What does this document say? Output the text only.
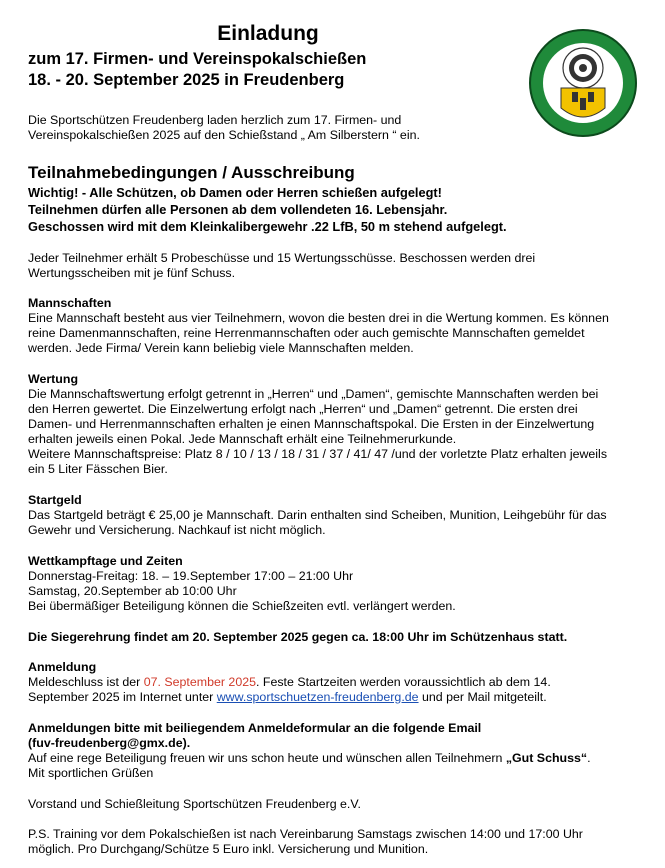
Einladung
zum 17. Firmen- und Vereinspokalschießen
18. - 20. September 2025 in Freudenberg
Die Sportschützen Freudenberg laden herzlich zum 17. Firmen- und
Vereinspokalschießen 2025 auf den Schießstand „ Am Silberstern “ ein.
Teilnahmebedingungen / Ausschreibung
Wichtig! - Alle Schützen, ob Damen oder Herren schießen aufgelegt!
Teilnehmen dürfen alle Personen ab dem vollendeten 16. Lebensjahr.
Geschossen wird mit dem Kleinkalibergewehr .22 LfB, 50 m stehend aufgelegt.
Jeder Teilnehmer erhält 5 Probeschüsse und 15 Wertungsschüsse. Beschossen werden drei
Wertungsscheiben mit je fünf Schuss.
Mannschaften
Eine Mannschaft besteht aus vier Teilnehmern, wovon die besten drei in die Wertung kommen. Es können
reine Damenmannschaften, reine Herrenmannschaften oder auch gemischte Mannschaften gemeldet
werden. Jede Firma/ Verein kann beliebig viele Mannschaften melden.
Wertung
Die Mannschaftswertung erfolgt getrennt in „Herren“ und „Damen“, gemischte Mannschaften werden bei
den Herren gewertet. Die Einzelwertung erfolgt nach „Herren“ und „Damen“ getrennt. Die ersten drei
Damen- und Herrenmannschaften erhalten je einen Mannschaftspokal. Die Ersten in der Einzelwertung
erhalten jeweils einen Pokal. Jede Mannschaft erhält eine Teilnehmerurkunde.
Weitere Mannschaftspreise: Platz 8 / 10 / 13 / 18 / 31 / 37 / 41/ 47 /und der vorletzte Platz erhalten jeweils
ein 5 Liter Fässchen Bier.
Startgeld
Das Startgeld beträgt € 25,00 je Mannschaft. Darin enthalten sind Scheiben, Munition, Leihgebühr für das
Gewehr und Versicherung. Nachkauf ist nicht möglich.
Wettkampftage und Zeiten
Donnerstag-Freitag: 18. – 19.September 17:00 – 21:00 Uhr
Samstag, 20.September ab 10:00 Uhr
Bei übermäßiger Beteiligung können die Schießzeiten evtl. verlängert werden.
Die Siegerehrung findet am 20. September 2025 gegen ca. 18:00 Uhr im Schützenhaus statt.
Anmeldung
Meldeschluss ist der 07. September 2025. Feste Startzeiten werden voraussichtlich ab dem 14.
September 2025 im Internet unter www.sportschuetzen-freudenberg.de und per Mail mitgeteilt.
Anmeldungen bitte mit beiliegendem Anmeldeformular an die folgende Email
(fuv-freudenberg@gmx.de).
Auf eine rege Beteiligung freuen wir uns schon heute und wünschen allen Teilnehmern „Gut Schuss“.
Mit sportlichen Grüßen
Vorstand und Schießleitung Sportschützen Freudenberg e.V.
P.S. Training vor dem Pokalschießen ist nach Vereinbarung Samstags zwischen 14:00 und 17:00 Uhr
möglich. Pro Durchgang/Schütze 5 Euro inkl. Versicherung und Munition.
